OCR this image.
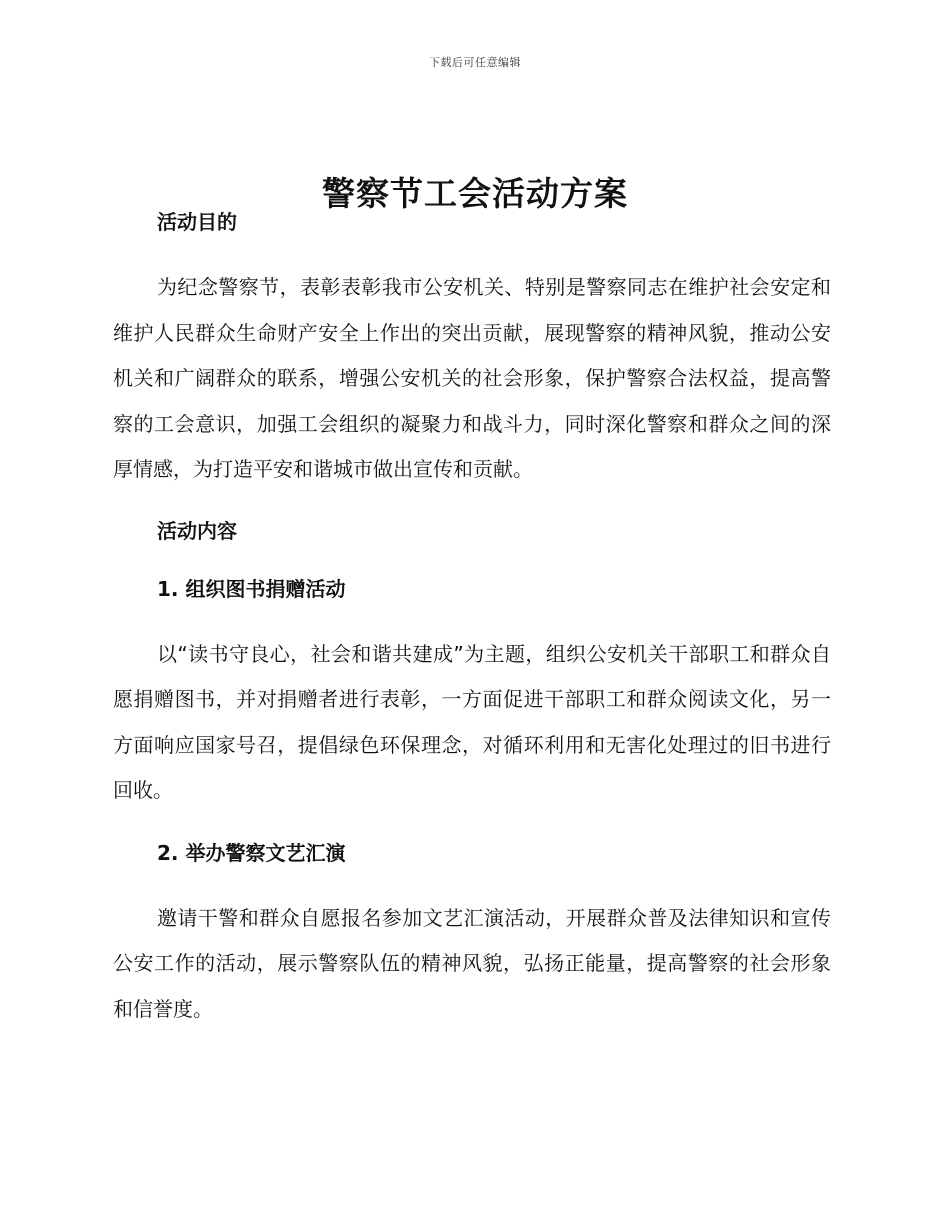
下载后可任意编辑
警察节工会活动方案
活动目的

为纪念警察节，表彰表彰我市公安机关、特别是警察同志在维护社会安定和维护人民群众生命财产安全上作出的突出贡献，展现警察的精神风貌，推动公安机关和广阔群众的联系，增强公安机关的社会形象，保护警察合法权益，提高警察的工会意识，加强工会组织的凝聚力和战斗力，同时深化警察和群众之间的深厚情感，为打造平安和谐城市做出宣传和贡献。

活动内容
1. 组织图书捐赠活动

以“读书守良心，社会和谐共建成”为主题，组织公安机关干部职工和群众自愿捐赠图书，并对捐赠者进行表彰，一方面促进干部职工和群众阅读文化，另一方面响应国家号召，提倡绿色环保理念，对循环利用和无害化处理过的旧书进行回收。

2. 举办警察文艺汇演

邀请干警和群众自愿报名参加文艺汇演活动，开展群众普及法律知识和宣传公安工作的活动，展示警察队伍的精神风貌，弘扬正能量，提高警察的社会形象和信誉度。
